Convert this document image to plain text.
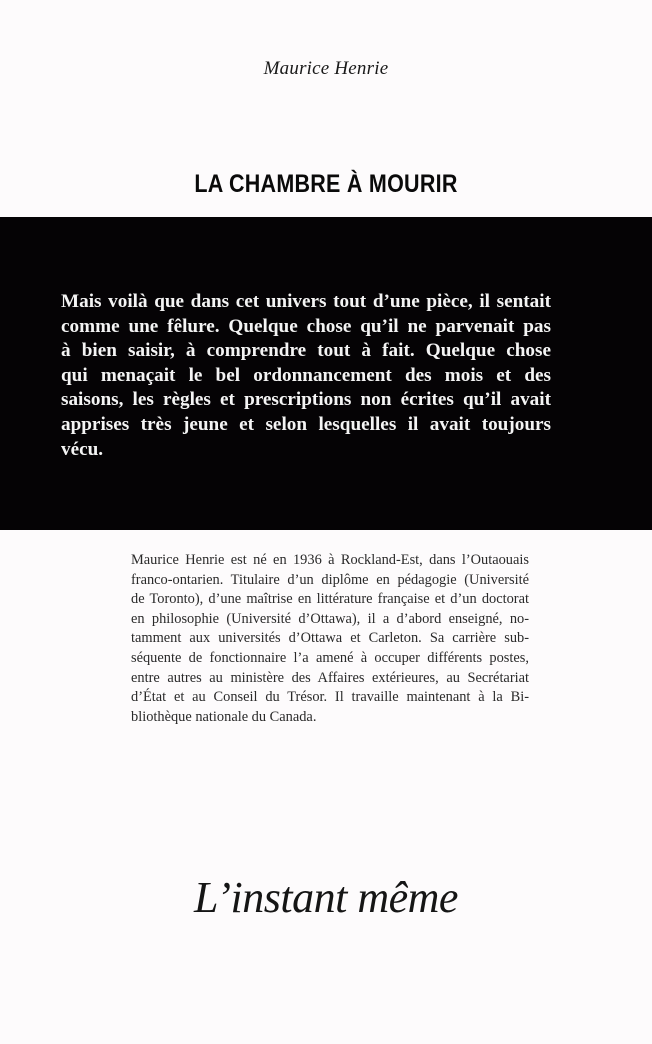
Maurice Henrie
LA CHAMBRE À MOURIR
Mais voilà que dans cet univers tout d’une pièce, il sentait
comme une fêlure. Quelque chose qu’il ne parvenait pas
à bien saisir, à comprendre tout à fait. Quelque chose
qui menaçait le bel ordonnancement des mois et des
saisons, les règles et prescriptions non écrites qu’il avait
apprises très jeune et selon lesquelles il avait toujours
vécu.
Maurice Henrie est né en 1936 à Rockland-Est, dans l’Outaouais
franco-ontarien. Titulaire d’un diplôme en pédagogie (Université
de Toronto), d’une maîtrise en littérature française et d’un doctorat
en philosophie (Université d’Ottawa), il a d’abord enseigné, no-
tamment aux universités d’Ottawa et Carleton. Sa carrière sub-
séquente de fonctionnaire l’a amené à occuper différents postes,
entre autres au ministère des Affaires extérieures, au Secrétariat
d’État et au Conseil du Trésor. Il travaille maintenant à la Bi-
bliothèque nationale du Canada.
L’instant même
